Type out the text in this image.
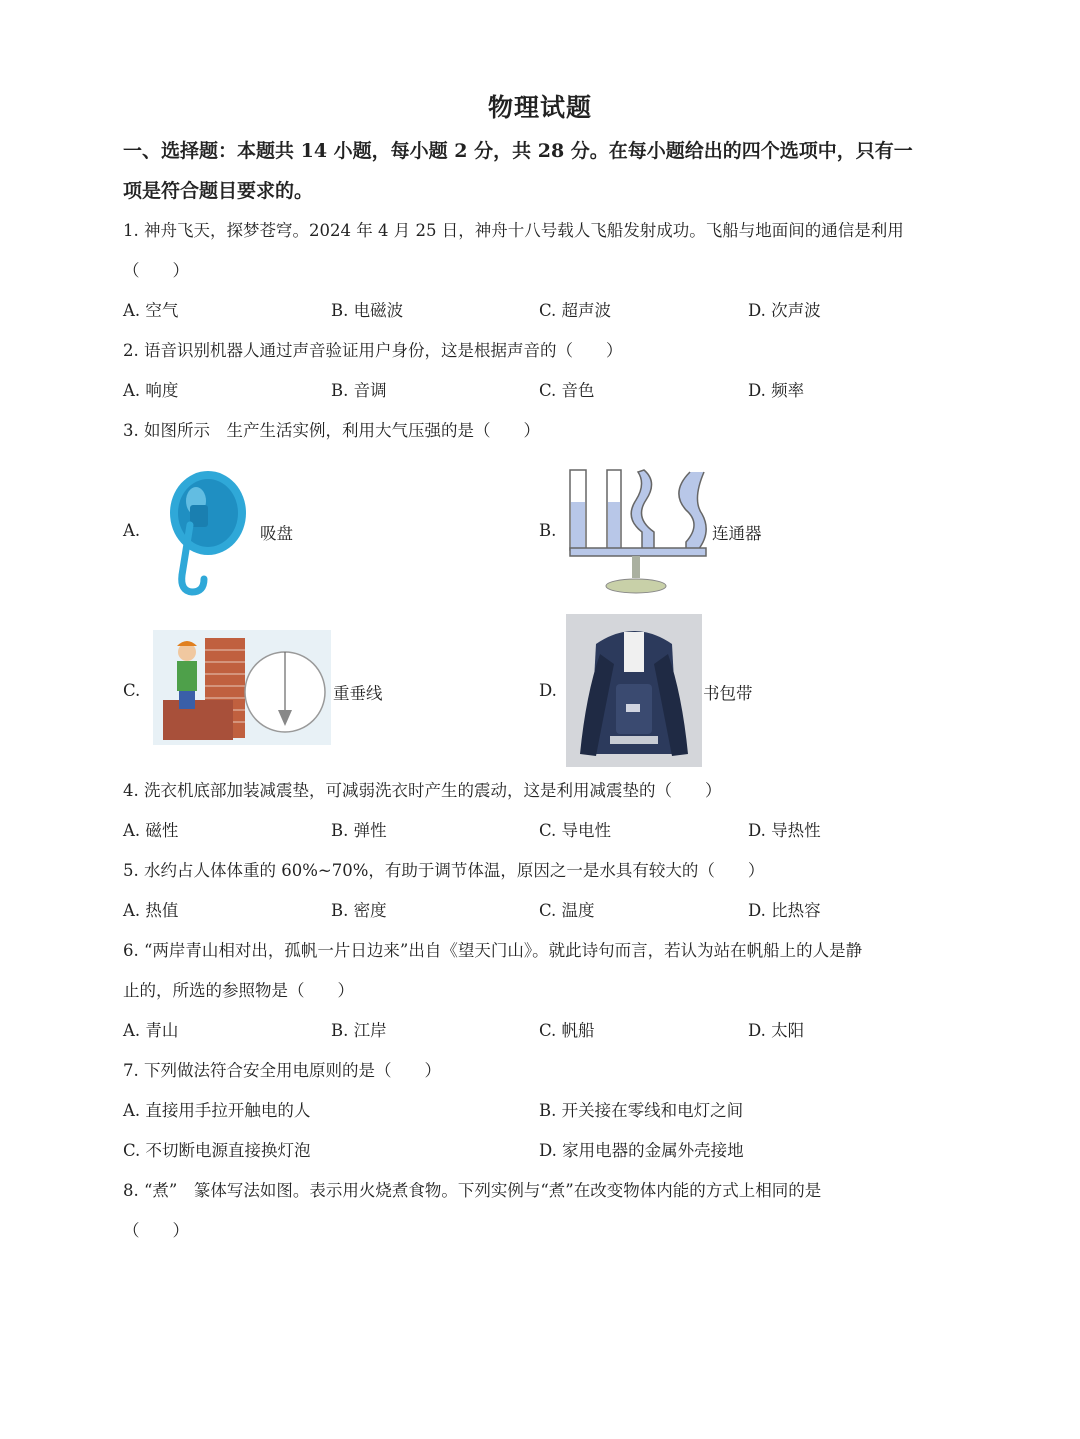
物理试题
一、选择题：本题共 14 小题，每小题 2 分，共 28 分。在每小题给出的四个选项中，只有一
项是符合题目要求的。
1. 神舟飞天，探梦苍穹。2024 年 4 月 25 日，神舟十八号载人飞船发射成功。飞船与地面间的通信是利用
（　　）
A. 空气	B. 电磁波	C. 超声波	D. 次声波
2. 语音识别机器人通过声音验证用户身份，这是根据声音的（　　）
A. 响度	B. 音调	C. 音色	D. 频率
3. 如图所示　生产生活实例，利用大气压强的是（　　）
A.	吸盘	B.	连通器
C.	重垂线	D.	书包带
4. 洗衣机底部加装减震垫，可减弱洗衣时产生的震动，这是利用减震垫的（　　）
A. 磁性	B. 弹性	C. 导电性	D. 导热性
5. 水约占人体体重的 60%~70%，有助于调节体温，原因之一是水具有较大的（　　）
A. 热值	B. 密度	C. 温度	D. 比热容
6. “两岸青山相对出，孤帆一片日边来”出自《望天门山》。就此诗句而言，若认为站在帆船上的人是静
止的，所选的参照物是（　　）
A. 青山	B. 江岸	C. 帆船	D. 太阳
7. 下列做法符合安全用电原则的是（　　）
A. 直接用手拉开触电的人	B. 开关接在零线和电灯之间
C. 不切断电源直接换灯泡	D. 家用电器的金属外壳接地
8. “煮”　篆体写法如图。表示用火烧煮食物。下列实例与“煮”在改变物体内能的方式上相同的是
（　　）
